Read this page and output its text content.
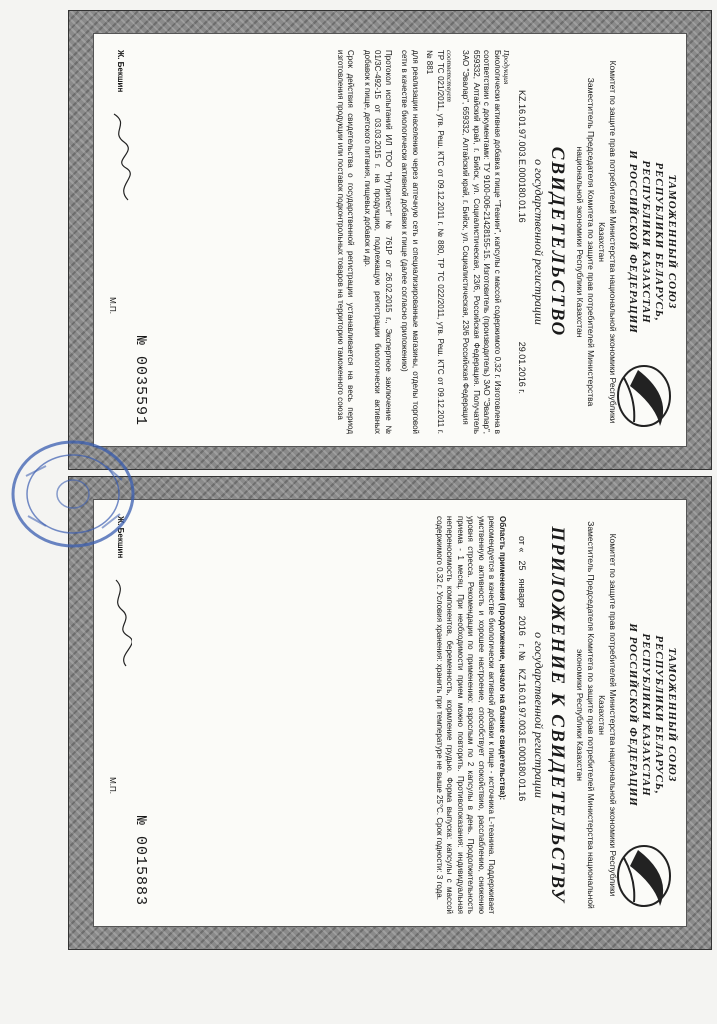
ТАМОЖЕННЫЙ СОЮЗ
РЕСПУБЛИКИ БЕЛАРУСЬ, РЕСПУБЛИКИ КАЗАХСТАН
И РОССИЙСКОЙ ФЕДЕРАЦИИ
Комитет по защите прав потребителей Министерства национальной экономики Республики Казахстан
Заместитель Председателя Комитета по защите прав потребителей Министерства национальной экономики Республики Казахстан
СВИДЕТЕЛЬСТВО
о государственной регистрации
KZ.16.01.97.003.E.000180.01.16
29.01.2016 г.
Продукция
Биологически активная добавка к пище "Теанин", капсулы с массой содержимого 0,32 г. Изготовлена в соответствии с документами: ТУ 9100-006-21428155-15. Изготовитель (производитель) ЗАО "Эвалар", 659332, Алтайский край, г. Бийск, ул. Социалистическая, 23/6, Российская Федерация. Получатель ЗАО "Эвалар", 659332, Алтайский край, г. Бийск, ул. Социалистическая, 23/6 Российская Федерация
соответствует
ТР ТС 021/2011, утв. Реш. КТС от 09.12.2011 г. № 880, ТР ТС 022/2011, утв. Реш. КТС от 09.12.2011 г. № 881
для реализации населению через аптечную сеть и специализированные магазины, отделы торговой сети в качестве биологически активной добавки к пище (далее согласно приложению)
Протокол испытаний ИЛ ТОО "Нутритест" № 761Р от 26.02.2015 г., Экспертное заключение № 01/3С-492-15 от 03.03.2015 г. на продукцию, подлежащую регистрации биологически активных добавок к пище, детского питания, пищевых добавок и др.
Срок действия свидетельства о государственной регистрации устанавливается на весь период изготовления продукции или поставок подконтрольных товаров на территорию таможенного союза
№ 0035591
Ж. Бекшин
М.П.
ТАМОЖЕННЫЙ СОЮЗ
РЕСПУБЛИКИ БЕЛАРУСЬ, РЕСПУБЛИКИ КАЗАХСТАН
И РОССИЙСКОЙ ФЕДЕРАЦИИ
Комитет по защите прав потребителей Министерства национальной экономики Республики Казахстан
Заместитель Председателя Комитета по защите прав потребителей Министерства национальной экономики Республики Казахстан
ПРИЛОЖЕНИЕ К СВИДЕТЕЛЬСТВУ
о государственной регистрации
от «
25
января
2016
г. №
KZ.16.01.97.003.E.000180.01.16
Область применения (продолжение, начало на бланке свидетельства):
рекомендуется в качестве биологически активной добавки к пище - источника L-теанина. Поддерживает умственную активность и хорошее настроение, способствует спокойствию, расслаблению, снижению уровня стресса. Рекомендации по применению: взрослым по 2 капсулы в день. Продолжительность приема - 1 месяц. При необходимости прием можно повторить. Противопоказания: индивидуальная непереносимость компонентов, беременность, кормление грудью. Форма выпуска: капсулы с массой содержимого 0,32 г. Условия хранения: хранить при температуре не выше 25°С. Срок годности: 3 года.
№ 0015883
Ж. Бекшин
М.П.
